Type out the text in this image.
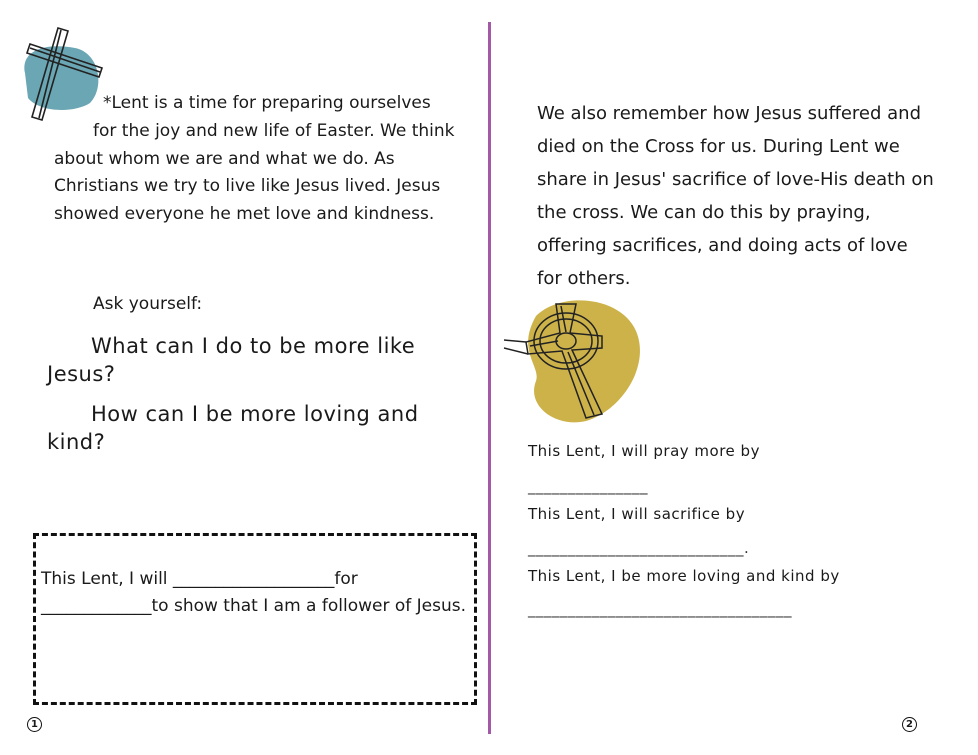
*Lent is a time for preparing ourselves

for the joy and new life of Easter. We think about whom we are and what we do. As Christians we try to live like Jesus lived. Jesus showed everyone he met love and kindness.

Ask yourself:

What can I do to be more like Jesus?

How can I be more loving and kind?

This Lent, I will ___________________for _____________to show that I am a follower of Jesus.

1

We also remember how Jesus suffered and died on the Cross for us. During Lent we share in Jesus' sacrifice of love-His death on the cross. We can do this by praying, offering sacrifices, and doing acts of love for others.

This Lent, I will pray more by
_______________
This Lent, I will sacrifice by
___________________________.
This Lent, I be more loving and kind by
_________________________________
2
